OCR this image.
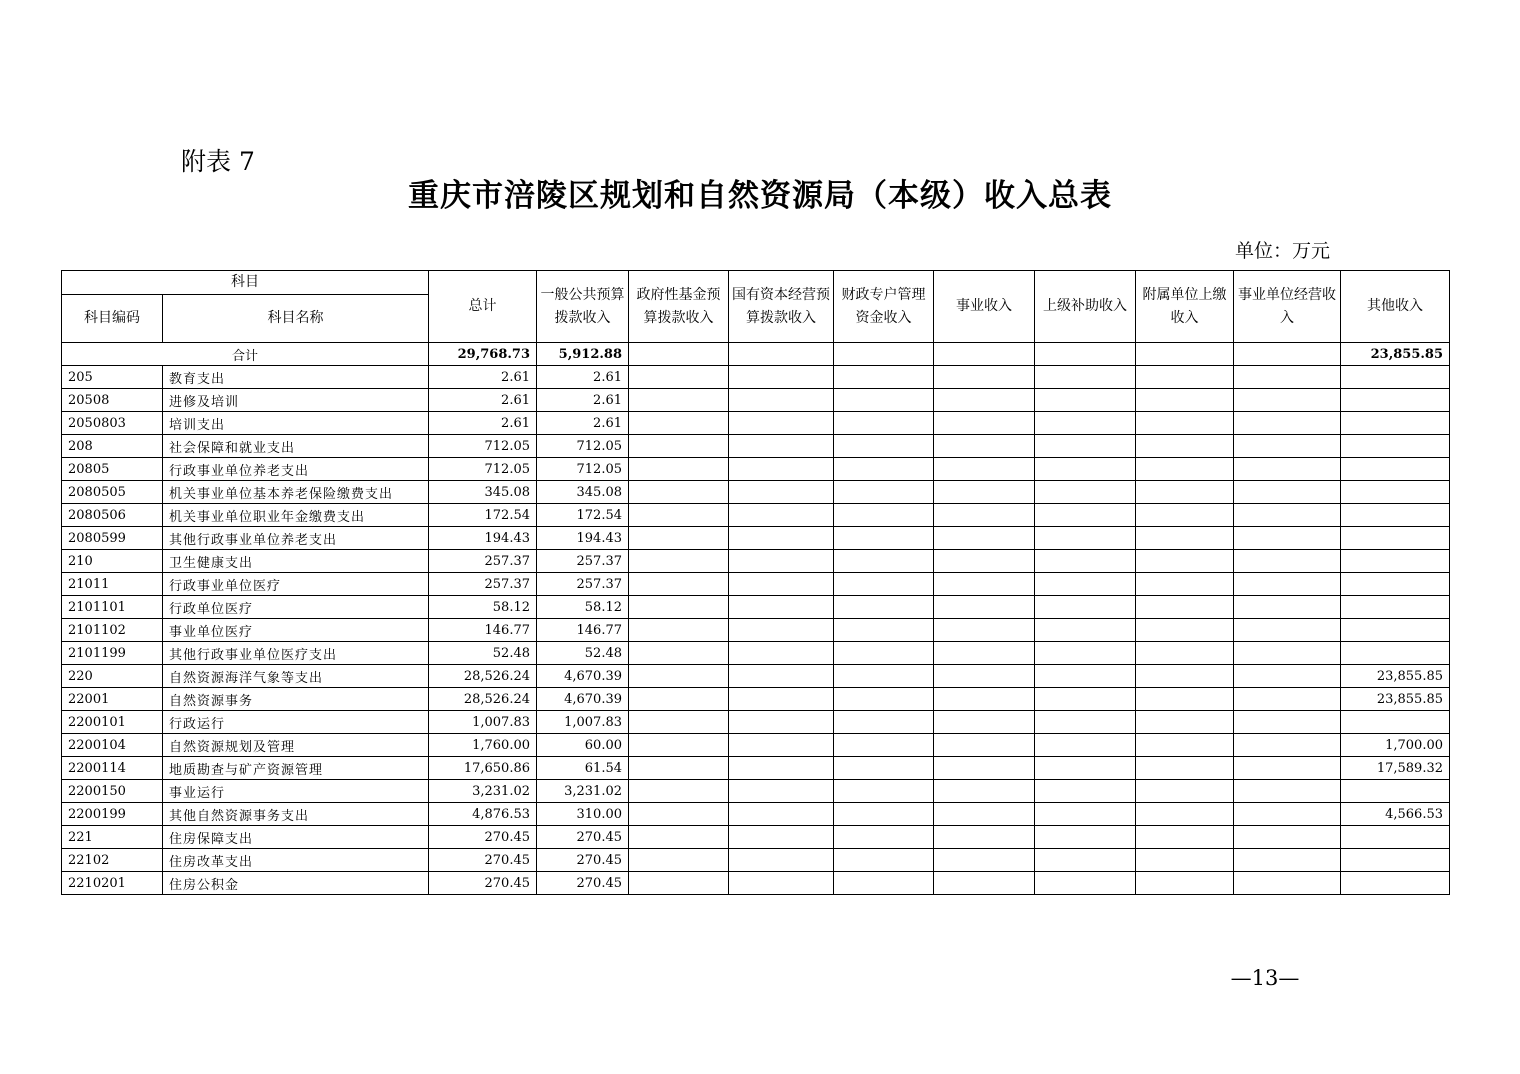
附表 7
重庆市涪陵区规划和自然资源局（本级）收入总表
单位：万元
科目		总计	一般公共预算拨款收入	政府性基金预算拨款收入	国有资本经营预算拨款收入	财政专户管理资金收入	事业收入	上级补助收入	附属单位上缴收入	事业单位经营收入	其他收入
科目编码	科目名称										
合计		29,768.73	5,912.88								23,855.85
205	教育支出	2.61	2.61								
20508	进修及培训	2.61	2.61								
2050803	培训支出	2.61	2.61								
208	社会保障和就业支出	712.05	712.05								
20805	行政事业单位养老支出	712.05	712.05								
2080505	机关事业单位基本养老保险缴费支出	345.08	345.08								
2080506	机关事业单位职业年金缴费支出	172.54	172.54								
2080599	其他行政事业单位养老支出	194.43	194.43								
210	卫生健康支出	257.37	257.37								
21011	行政事业单位医疗	257.37	257.37								
2101101	行政单位医疗	58.12	58.12								
2101102	事业单位医疗	146.77	146.77								
2101199	其他行政事业单位医疗支出	52.48	52.48								
220	自然资源海洋气象等支出	28,526.24	4,670.39								23,855.85
22001	自然资源事务	28,526.24	4,670.39								23,855.85
2200101	行政运行	1,007.83	1,007.83								
2200104	自然资源规划及管理	1,760.00	60.00								1,700.00
2200114	地质勘查与矿产资源管理	17,650.86	61.54								17,589.32
2200150	事业运行	3,231.02	3,231.02								
2200199	其他自然资源事务支出	4,876.53	310.00								4,566.53
221	住房保障支出	270.45	270.45								
22102	住房改革支出	270.45	270.45								
2210201	住房公积金	270.45	270.45								
—13—
